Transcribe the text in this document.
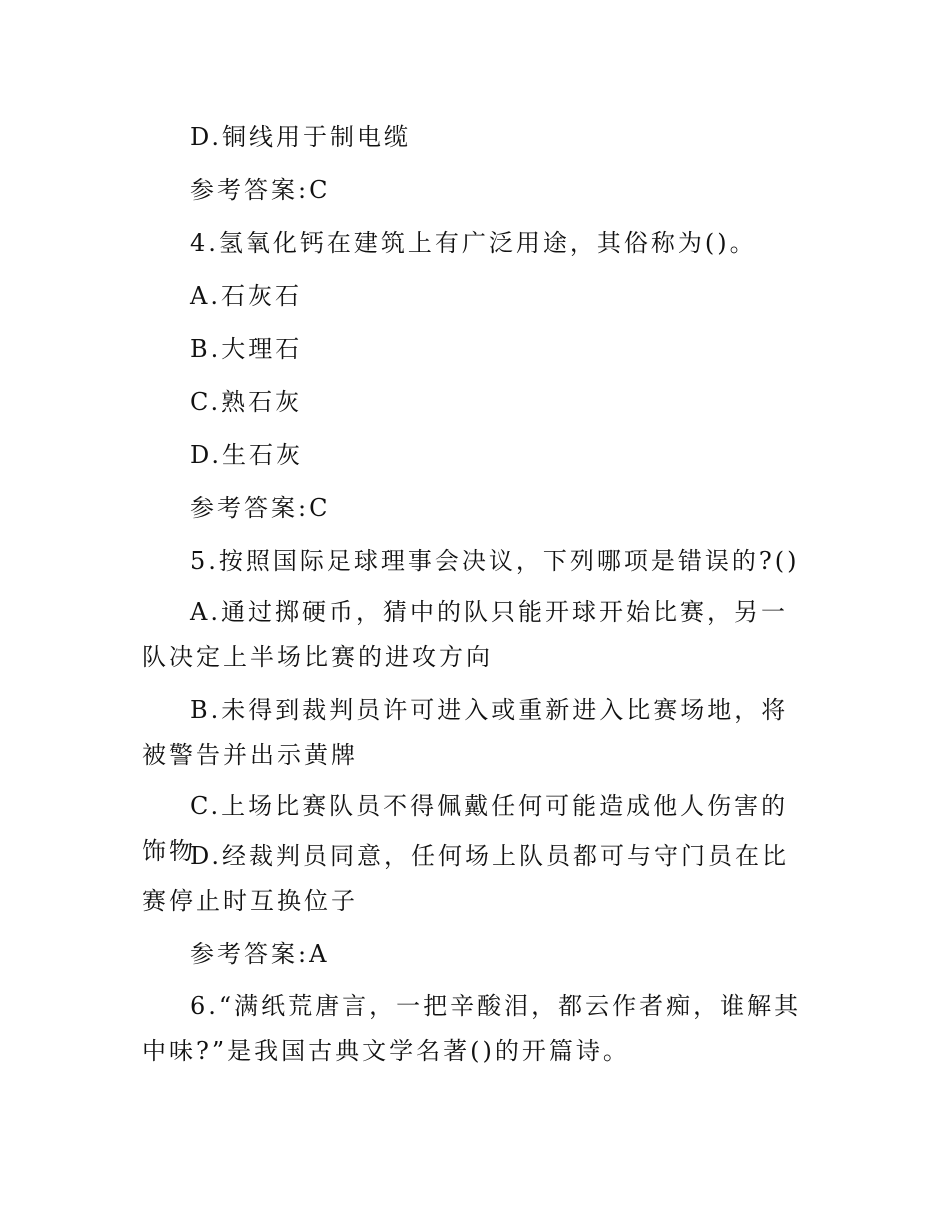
D.铜线用于制电缆

参考答案:C

4.氢氧化钙在建筑上有广泛用途，其俗称为()。

A.石灰石

B.大理石

C.熟石灰

D.生石灰

参考答案:C

5.按照国际足球理事会决议，下列哪项是错误的?()

A.通过掷硬币，猜中的队只能开球开始比赛，另一队决定上半场比赛的进攻方向

B.未得到裁判员许可进入或重新进入比赛场地，将被警告并出示黄牌

C.上场比赛队员不得佩戴任何可能造成他人伤害的饰物

D.经裁判员同意，任何场上队员都可与守门员在比赛停止时互换位子

参考答案:A

6.“满纸荒唐言，一把辛酸泪，都云作者痴，谁解其中味?”是我国古典文学名著()的开篇诗。
